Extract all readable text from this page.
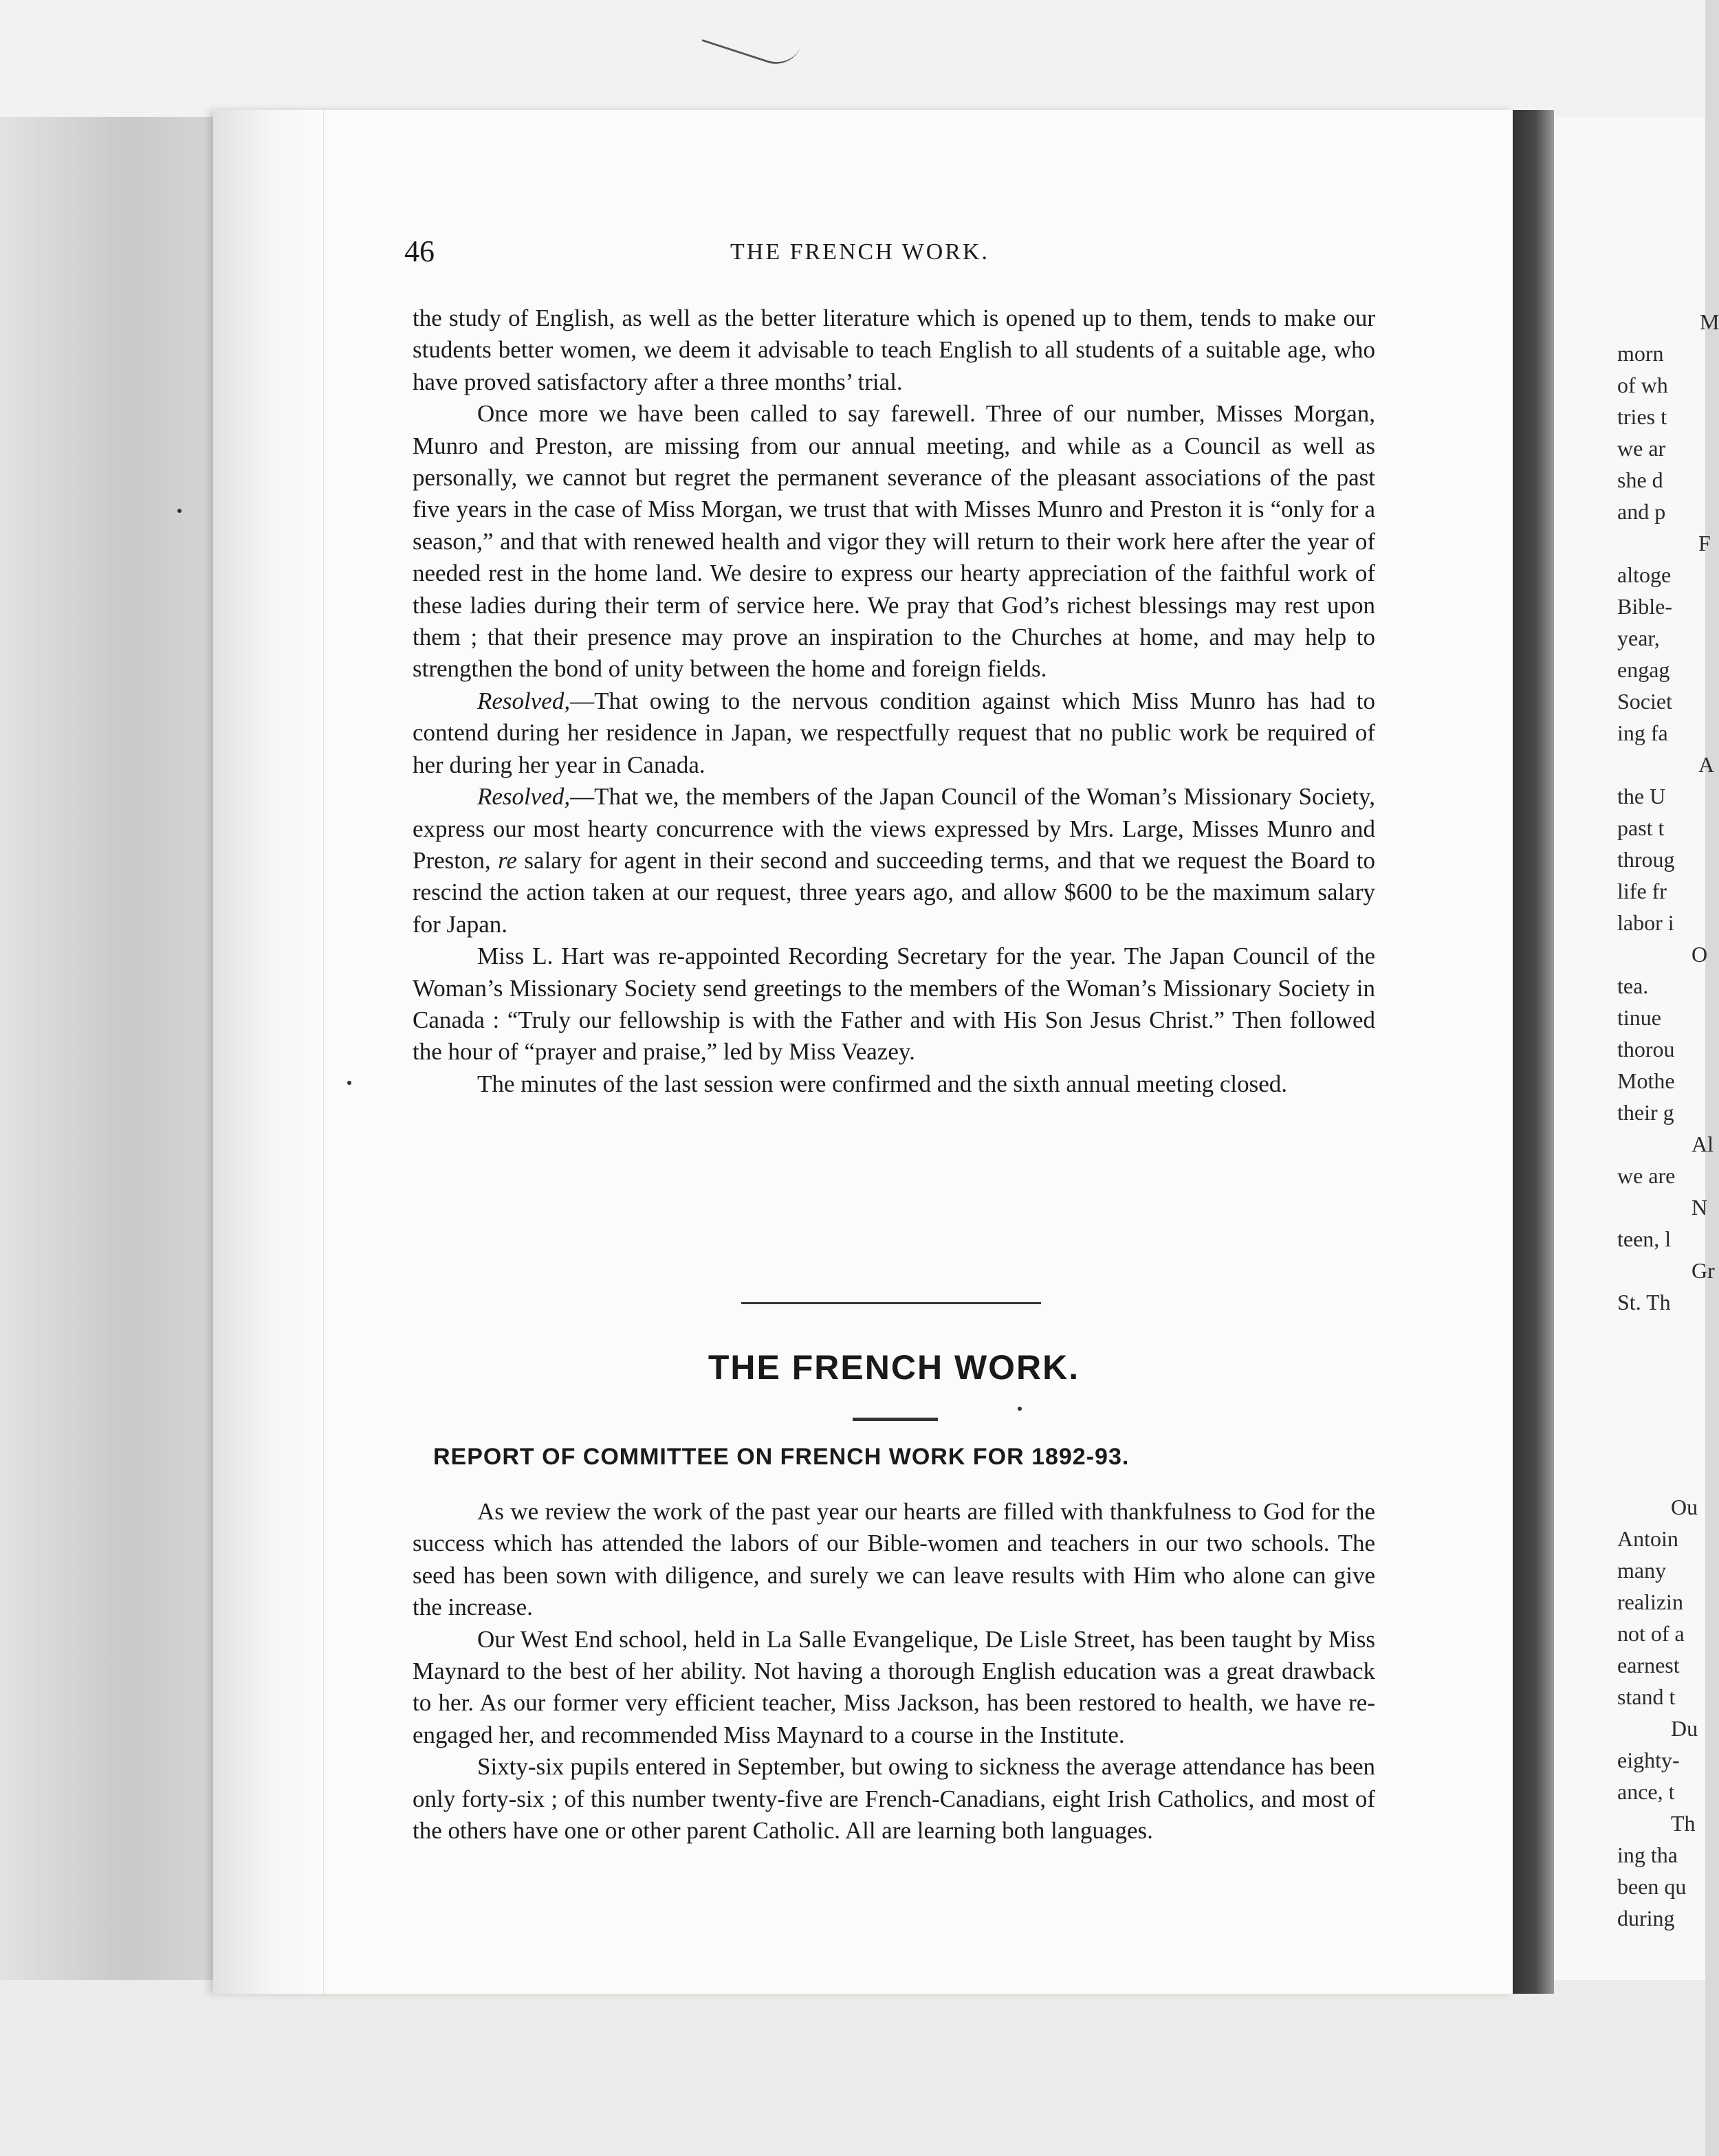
M
morn
of wh
tries t
we ar
she d
and p
F
altoge
Bible-
year,
engag
Societ
ing fa
A
the U
past t
throug
life fr
labor i
O
tea.
tinue
thorou
Mothe
their g
Al
we are
N
teen, l
Gr
St. Th
Ou
Antoin
many
realizin
not of a
earnest
stand t
Du
eighty-
ance, t
Th
ing tha
been qu
during
46	THE FRENCH WORK.

the study of English, as well as the better literature which is opened up to them, tends to make our students better women, we deem it advisable to teach English to all students of a suitable age, who have proved satisfactory after a three months’ trial.

Once more we have been called to say farewell. Three of our number, Misses Morgan, Munro and Preston, are missing from our annual meeting, and while as a Council as well as personally, we cannot but regret the permanent severance of the pleasant associations of the past five years in the case of Miss Morgan, we trust that with Misses Munro and Preston it is “only for a season,” and that with renewed health and vigor they will return to their work here after the year of needed rest in the home land. We desire to express our hearty appreciation of the faithful work of these ladies during their term of service here. We pray that God’s richest blessings may rest upon them ; that their presence may prove an inspiration to the Churches at home, and may help to strengthen the bond of unity between the home and foreign fields.

Resolved,—That owing to the nervous condition against which Miss Munro has had to contend during her residence in Japan, we respectfully request that no public work be required of her during her year in Canada.

Resolved,—That we, the members of the Japan Council of the Woman’s Missionary Society, express our most hearty concurrence with the views expressed by Mrs. Large, Misses Munro and Preston, re salary for agent in their second and succeeding terms, and that we request the Board to rescind the action taken at our request, three years ago, and allow $600 to be the maximum salary for Japan.

Miss L. Hart was re-appointed Recording Secretary for the year. The Japan Council of the Woman’s Missionary Society send greetings to the members of the Woman’s Missionary Society in Canada : “Truly our fellowship is with the Father and with His Son Jesus Christ.” Then followed the hour of “prayer and praise,” led by Miss Veazey.

The minutes of the last session were confirmed and the sixth annual meeting closed.

THE FRENCH WORK.
REPORT OF COMMITTEE ON FRENCH WORK FOR 1892-93.

As we review the work of the past year our hearts are filled with thankfulness to God for the success which has attended the labors of our Bible-women and teachers in our two schools. The seed has been sown with diligence, and surely we can leave results with Him who alone can give the increase.

Our West End school, held in La Salle Evangelique, De Lisle Street, has been taught by Miss Maynard to the best of her ability. Not having a thorough English education was a great drawback to her. As our former very efficient teacher, Miss Jackson, has been restored to health, we have re-engaged her, and recommended Miss Maynard to a course in the Institute.

Sixty-six pupils entered in September, but owing to sickness the average attendance has been only forty-six ; of this number twenty-five are French-Canadians, eight Irish Catholics, and most of the others have one or other parent Catholic. All are learning both languages.
